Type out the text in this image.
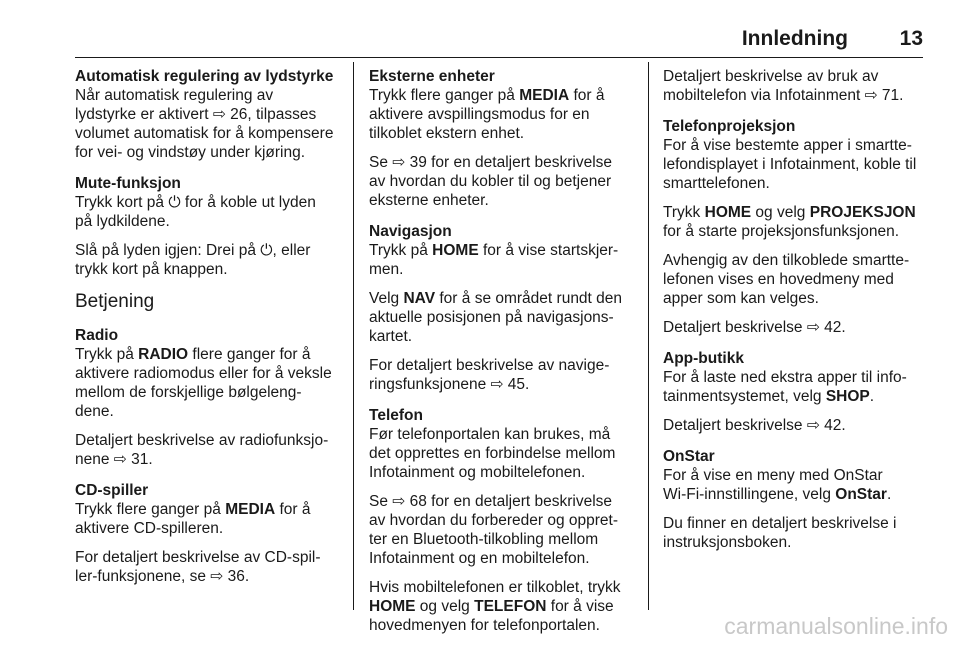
Innledning 13
Automatisk regulering av lydstyrke
Når automatisk regulering av
lydstyrke er aktivert ⇨ 26, tilpasses
volumet automatisk for å kompensere
for vei- og vindstøy under kjøring.
Mute-funksjon
Trykk kort på ⏻ for å koble ut lyden
på lydkildene.
Slå på lyden igjen: Drei på ⏻, eller
trykk kort på knappen.
Betjening
Radio
Trykk på RADIO flere ganger for å
aktivere radiomodus eller for å veksle
mellom de forskjellige bølgeleng-
dene.
Detaljert beskrivelse av radiofunksjo-
nene ⇨ 31.
CD-spiller
Trykk flere ganger på MEDIA for å
aktivere CD-spilleren.
For detaljert beskrivelse av CD-spil-
ler-funksjonene, se ⇨ 36.
Eksterne enheter
Trykk flere ganger på MEDIA for å
aktivere avspillingsmodus for en
tilkoblet ekstern enhet.
Se ⇨ 39 for en detaljert beskrivelse
av hvordan du kobler til og betjener
eksterne enheter.
Navigasjon
Trykk på HOME for å vise startskjer-
men.
Velg NAV for å se området rundt den
aktuelle posisjonen på navigasjons-
kartet.
For detaljert beskrivelse av navige-
ringsfunksjonene ⇨ 45.
Telefon
Før telefonportalen kan brukes, må
det opprettes en forbindelse mellom
Infotainment og mobiltelefonen.
Se ⇨ 68 for en detaljert beskrivelse
av hvordan du forbereder og oppret-
ter en Bluetooth-tilkobling mellom
Infotainment og en mobiltelefon.
Hvis mobiltelefonen er tilkoblet, trykk
HOME og velg TELEFON for å vise
hovedmenyen for telefonportalen.
Detaljert beskrivelse av bruk av
mobiltelefon via Infotainment ⇨ 71.
Telefonprojeksjon
For å vise bestemte apper i smartte-
lefondisplayet i Infotainment, koble til
smarttelefonen.
Trykk HOME og velg PROJEKSJON
for å starte projeksjonsfunksjonen.
Avhengig av den tilkoblede smartte-
lefonen vises en hovedmeny med
apper som kan velges.
Detaljert beskrivelse ⇨ 42.
App-butikk
For å laste ned ekstra apper til info-
tainmentsystemet, velg SHOP.
Detaljert beskrivelse ⇨ 42.
OnStar
For å vise en meny med OnStar
Wi-Fi-innstillingene, velg OnStar.
Du finner en detaljert beskrivelse i
instruksjonsboken.
carmanualsonline.info
